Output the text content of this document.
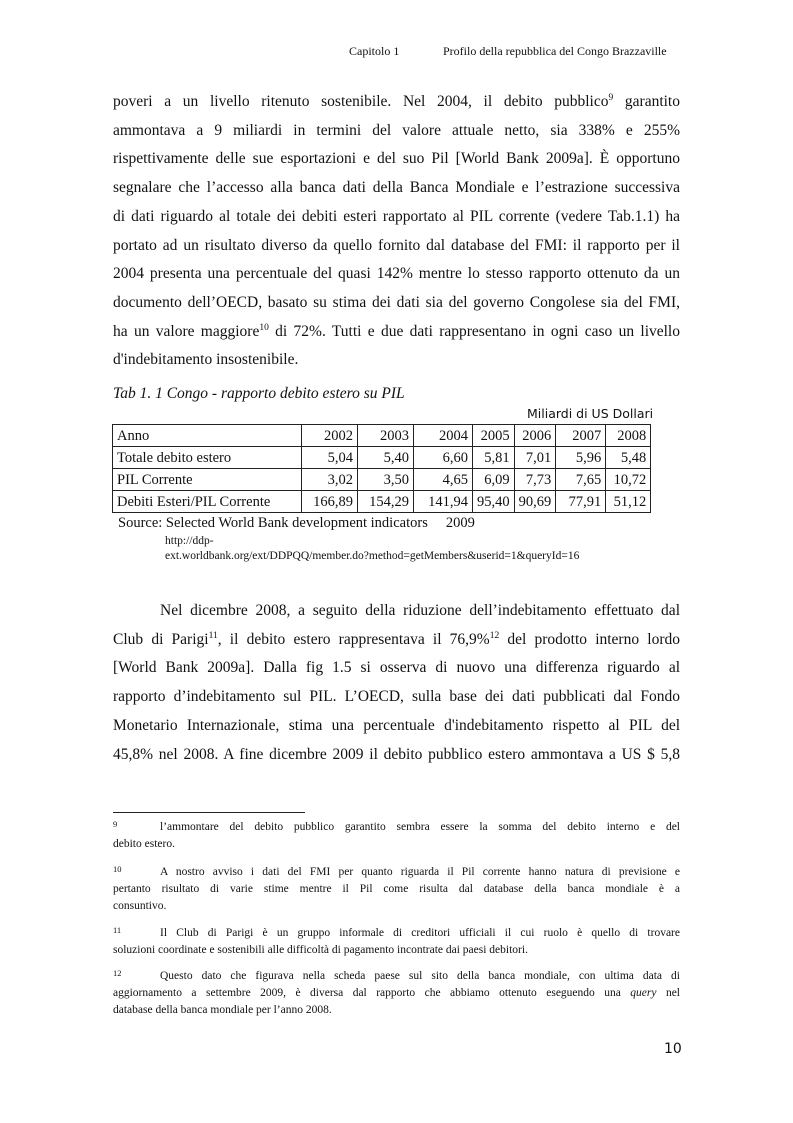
Capitolo 1	Profilo della repubblica del Congo Brazzaville
poveri a un livello ritenuto sostenibile. Nel 2004, il debito pubblico$^9$ garantito
ammontava a 9 miliardi in termini del valore attuale netto, sia 338% e 255%
rispettivamente delle sue esportazioni e del suo Pil [World Bank 2009a]. È opportuno
segnalare che l’accesso alla banca dati della Banca Mondiale e l’estrazione successiva
di dati riguardo al totale dei debiti esteri rapportato al PIL corrente (vedere Tab.1.1) ha
portato ad un risultato diverso da quello fornito dal database del FMI: il rapporto per il
2004 presenta una percentuale del quasi 142% mentre lo stesso rapporto ottenuto da un
documento dell’OECD, basato su stima dei dati sia del governo Congolese sia del FMI,
ha un valore maggiore$^{10}$ di 72%. Tutti e due dati rappresentano in ogni caso un livello
d'indebitamento insostenibile.
Tab 1. 1 Congo - rapporto debito estero su PIL
Miliardi di US Dollari
Anno	2002	2003	2004	2005	2006	2007	2008
Totale debito estero	5,04	5,40	6,60	5,81	7,01	5,96	5,48
PIL Corrente	3,02	3,50	4,65	6,09	7,73	7,65	10,72
Debiti Esteri/PIL Corrente	166,89	154,29	141,94	95,40	90,69	77,91	51,12
Source: Selected World Bank development indicators 2009
http://ddp-
ext.worldbank.org/ext/DDPQQ/member.do?method=getMembers&userid=1&queryId=16
Nel dicembre 2008, a seguito della riduzione dell’indebitamento effettuato dal
Club di Parigi$^{11}$, il debito estero rappresentava il 76,9%$^{12}$ del prodotto interno lordo
[World Bank 2009a]. Dalla fig 1.5 si osserva di nuovo una differenza riguardo al
rapporto d’indebitamento sul PIL. L’OECD, sulla base dei dati pubblicati dal Fondo
Monetario Internazionale, stima una percentuale d'indebitamento rispetto al PIL del
45,8% nel 2008. A fine dicembre 2009 il debito pubblico estero ammontava a US $ 5,8
9	l’ammontare del debito pubblico garantito sembra essere la somma del debito interno e del
debito estero.
10	A nostro avviso i dati del FMI per quanto riguarda il Pil corrente hanno natura di previsione e
pertanto risultato di varie stime mentre il Pil come risulta dal database della banca mondiale è a
consuntivo.
11	Il Club di Parigi è un gruppo informale di creditori ufficiali il cui ruolo è quello di trovare
soluzioni coordinate e sostenibili alle difficoltà di pagamento incontrate dai paesi debitori.
12	Questo dato che figurava nella scheda paese sul sito della banca mondiale, con ultima data di
aggiornamento a settembre 2009, è diversa dal rapporto che abbiamo ottenuto eseguendo una query nel
database della banca mondiale per l’anno 2008.
10
